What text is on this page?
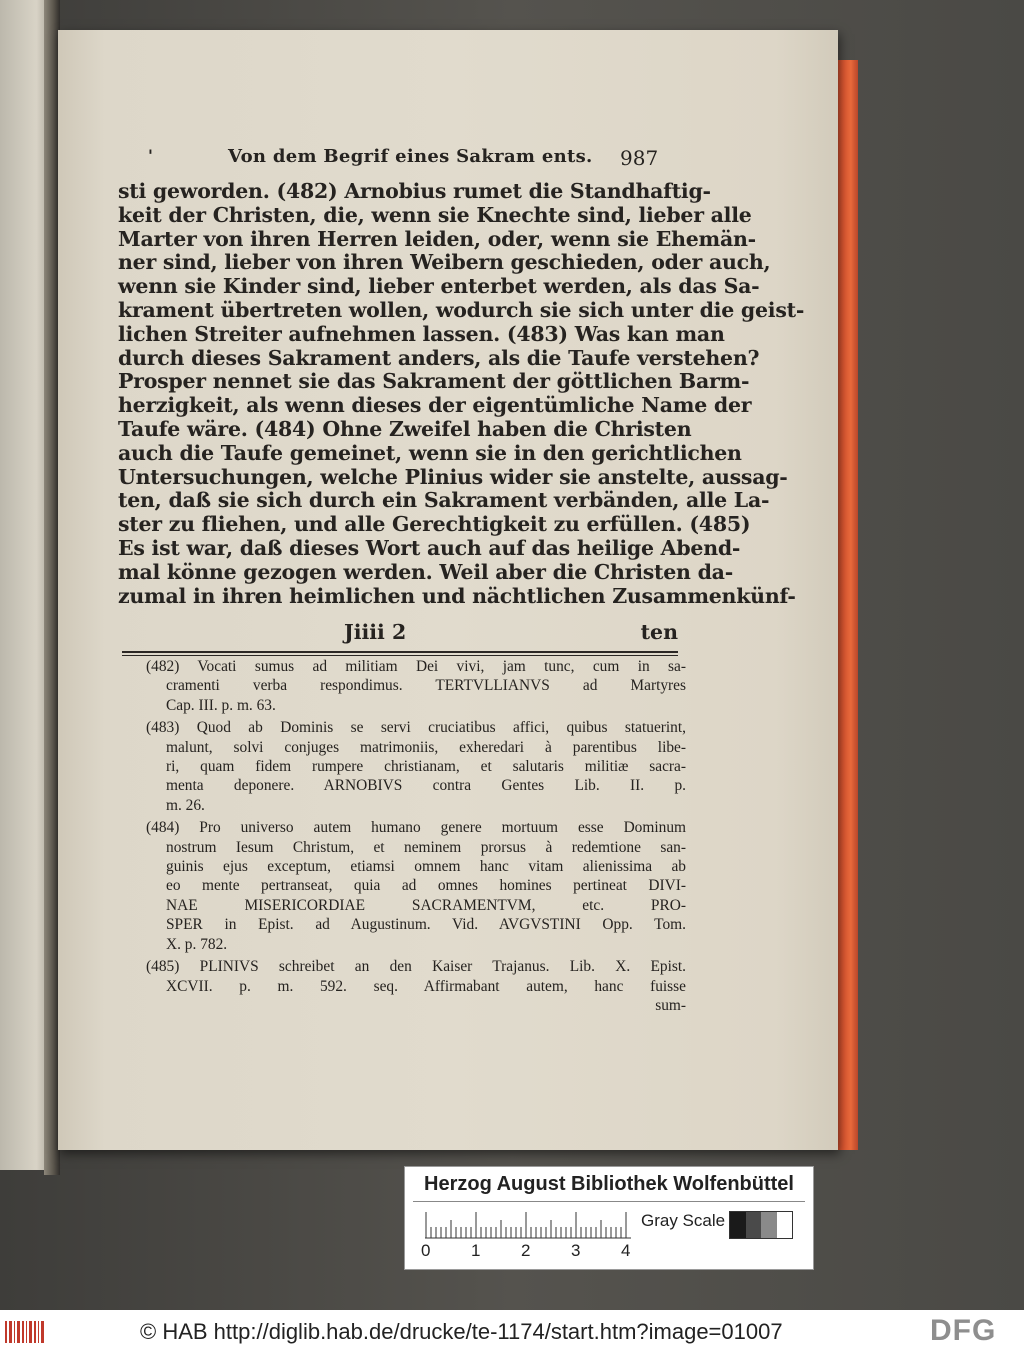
'	Von dem Begrif eines Sakram ents. 987
sti geworden. (482) Arnobius rumet die Standhaftig-
keit der Christen, die, wenn sie Knechte sind, lieber alle
Marter von ihren Herren leiden, oder, wenn sie Ehemän-
ner sind, lieber von ihren Weibern geschieden, oder auch,
wenn sie Kinder sind, lieber enterbet werden, als das Sa-
krament übertreten wollen, wodurch sie sich unter die geist-
lichen Streiter aufnehmen lassen. (483) Was kan man
durch dieses Sakrament anders, als die Taufe verstehen?
Prosper nennet sie das Sakrament der göttlichen Barm-
herzigkeit, als wenn dieses der eigentümliche Name der
Taufe wäre. (484) Ohne Zweifel haben die Christen
auch die Taufe gemeinet, wenn sie in den gerichtlichen
Untersuchungen, welche Plinius wider sie anstelte, aussag-
ten, daß sie sich durch ein Sakrament verbänden, alle La-
ster zu fliehen, und alle Gerechtigkeit zu erfüllen. (485)
Es ist war, daß dieses Wort auch auf das heilige Abend-
mal könne gezogen werden. Weil aber die Christen da-
zumal in ihren heimlichen und nächtlichen Zusammenkünf-
Jiiii 2	ten
(482) Vocati sumus ad militiam Dei vivi, jam tunc, cum in sa-
cramenti verba respondimus. TERTVLLIANVS ad Martyres
Cap. III. p. m. 63.
(483) Quod ab Dominis se servi cruciatibus affici, quibus statuerint,
malunt, solvi conjuges matrimoniis, exheredari à parentibus libe-
ri, quam fidem rumpere christianam, et salutaris militiæ sacra-
menta deponere. ARNOBIVS contra Gentes Lib. II. p.
m. 26.
(484) Pro universo autem humano genere mortuum esse Dominum
nostrum Iesum Christum, et neminem prorsus à redemtione san-
guinis ejus exceptum, etiamsi omnem hanc vitam alienissima ab
eo mente pertranseat, quia ad omnes homines pertineat DIVI-
NAE MISERICORDIAE SACRAMENTVM, etc. PRO-
SPER in Epist. ad Augustinum. Vid. AVGVSTINI Opp. Tom.
X. p. 782.
(485) PLINIVS schreibet an den Kaiser Trajanus. Lib. X. Epist.
XCVII. p. m. 592. seq. Affirmabant autem, hanc fuisse
sum-
Herzog August Bibliothek Wolfenbüttel
0 1 2 3 4
Gray Scale
© HAB http://diglib.hab.de/drucke/te-1174/start.htm?image=01007	DFG
